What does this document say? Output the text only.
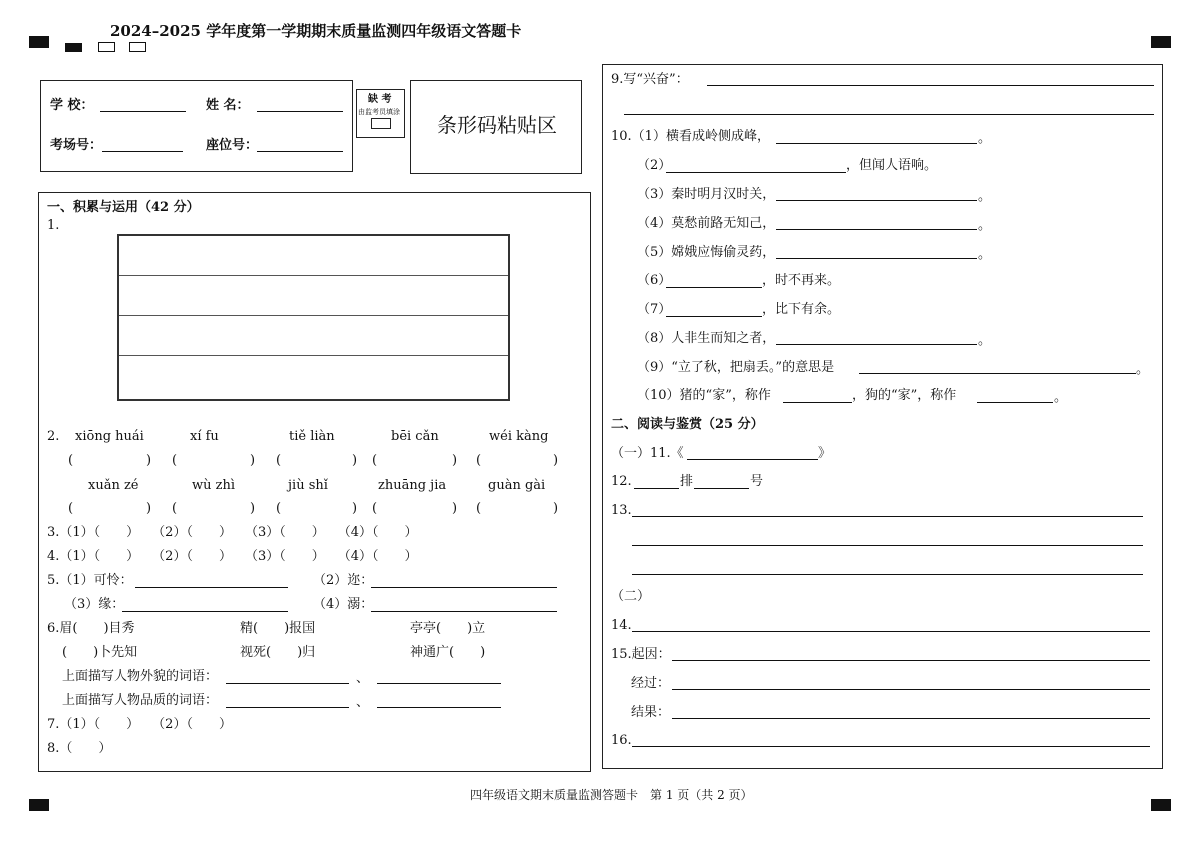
2024–2025 学年度第一学期期末质量监测四年级语文答题卡
学 校：	姓 名：
考场号：	座位号：
缺 考
由监考员填涂
条形码粘贴区
一、积累与运用（42 分）
1.
2. xiōng huái	xí fu	tiě liàn	bēi cǎn	wéi kàng
(	) (	) (	) (	) (	)
xuǎn zé	wù zhì	jiù shǐ	zhuāng jia	guàn gài
(	) (	) (	) (	) (	)
3.（1）（　　）　　（2）（　　）　　（3）（　　）　　（4）（　　）
4.（1）（　　）　　（2）（　　）　　（3）（　　）　　（4）（　　）
5.（1）可怜：	（2）迩：
（3）缘：	（4）溺：
6.眉(　　)目秀	精(　　)报国	亭亭(　　)立
(　　)卜先知	视死(　　)归	神通广(　　)
上面描写人物外貌的词语：	、
上面描写人物品质的词语：	、
7.（1）（　　）　　（2）（　　）
8.（　　）
9.写“兴奋”：
10.（1）横看成岭侧成峰，	。
（2）	，但闻人语响。
（3）秦时明月汉时关，	。
（4）莫愁前路无知己，	。
（5）嫦娥应悔偷灵药，	。
（6）	，时不再来。
（7）	，比下有余。
（8）人非生而知之者，	。
（9）“立了秋，把扇丢。”的意思是	。
（10）猪的“家”，称作	，狗的“家”，称作	。
二、阅读与鉴赏（25 分）
（一）11.《	》
12.	排	号
13.
（二）
14.
15.起因：
经过：
结果：
16.
四年级语文期末质量监测答题卡　第 1 页（共 2 页）
